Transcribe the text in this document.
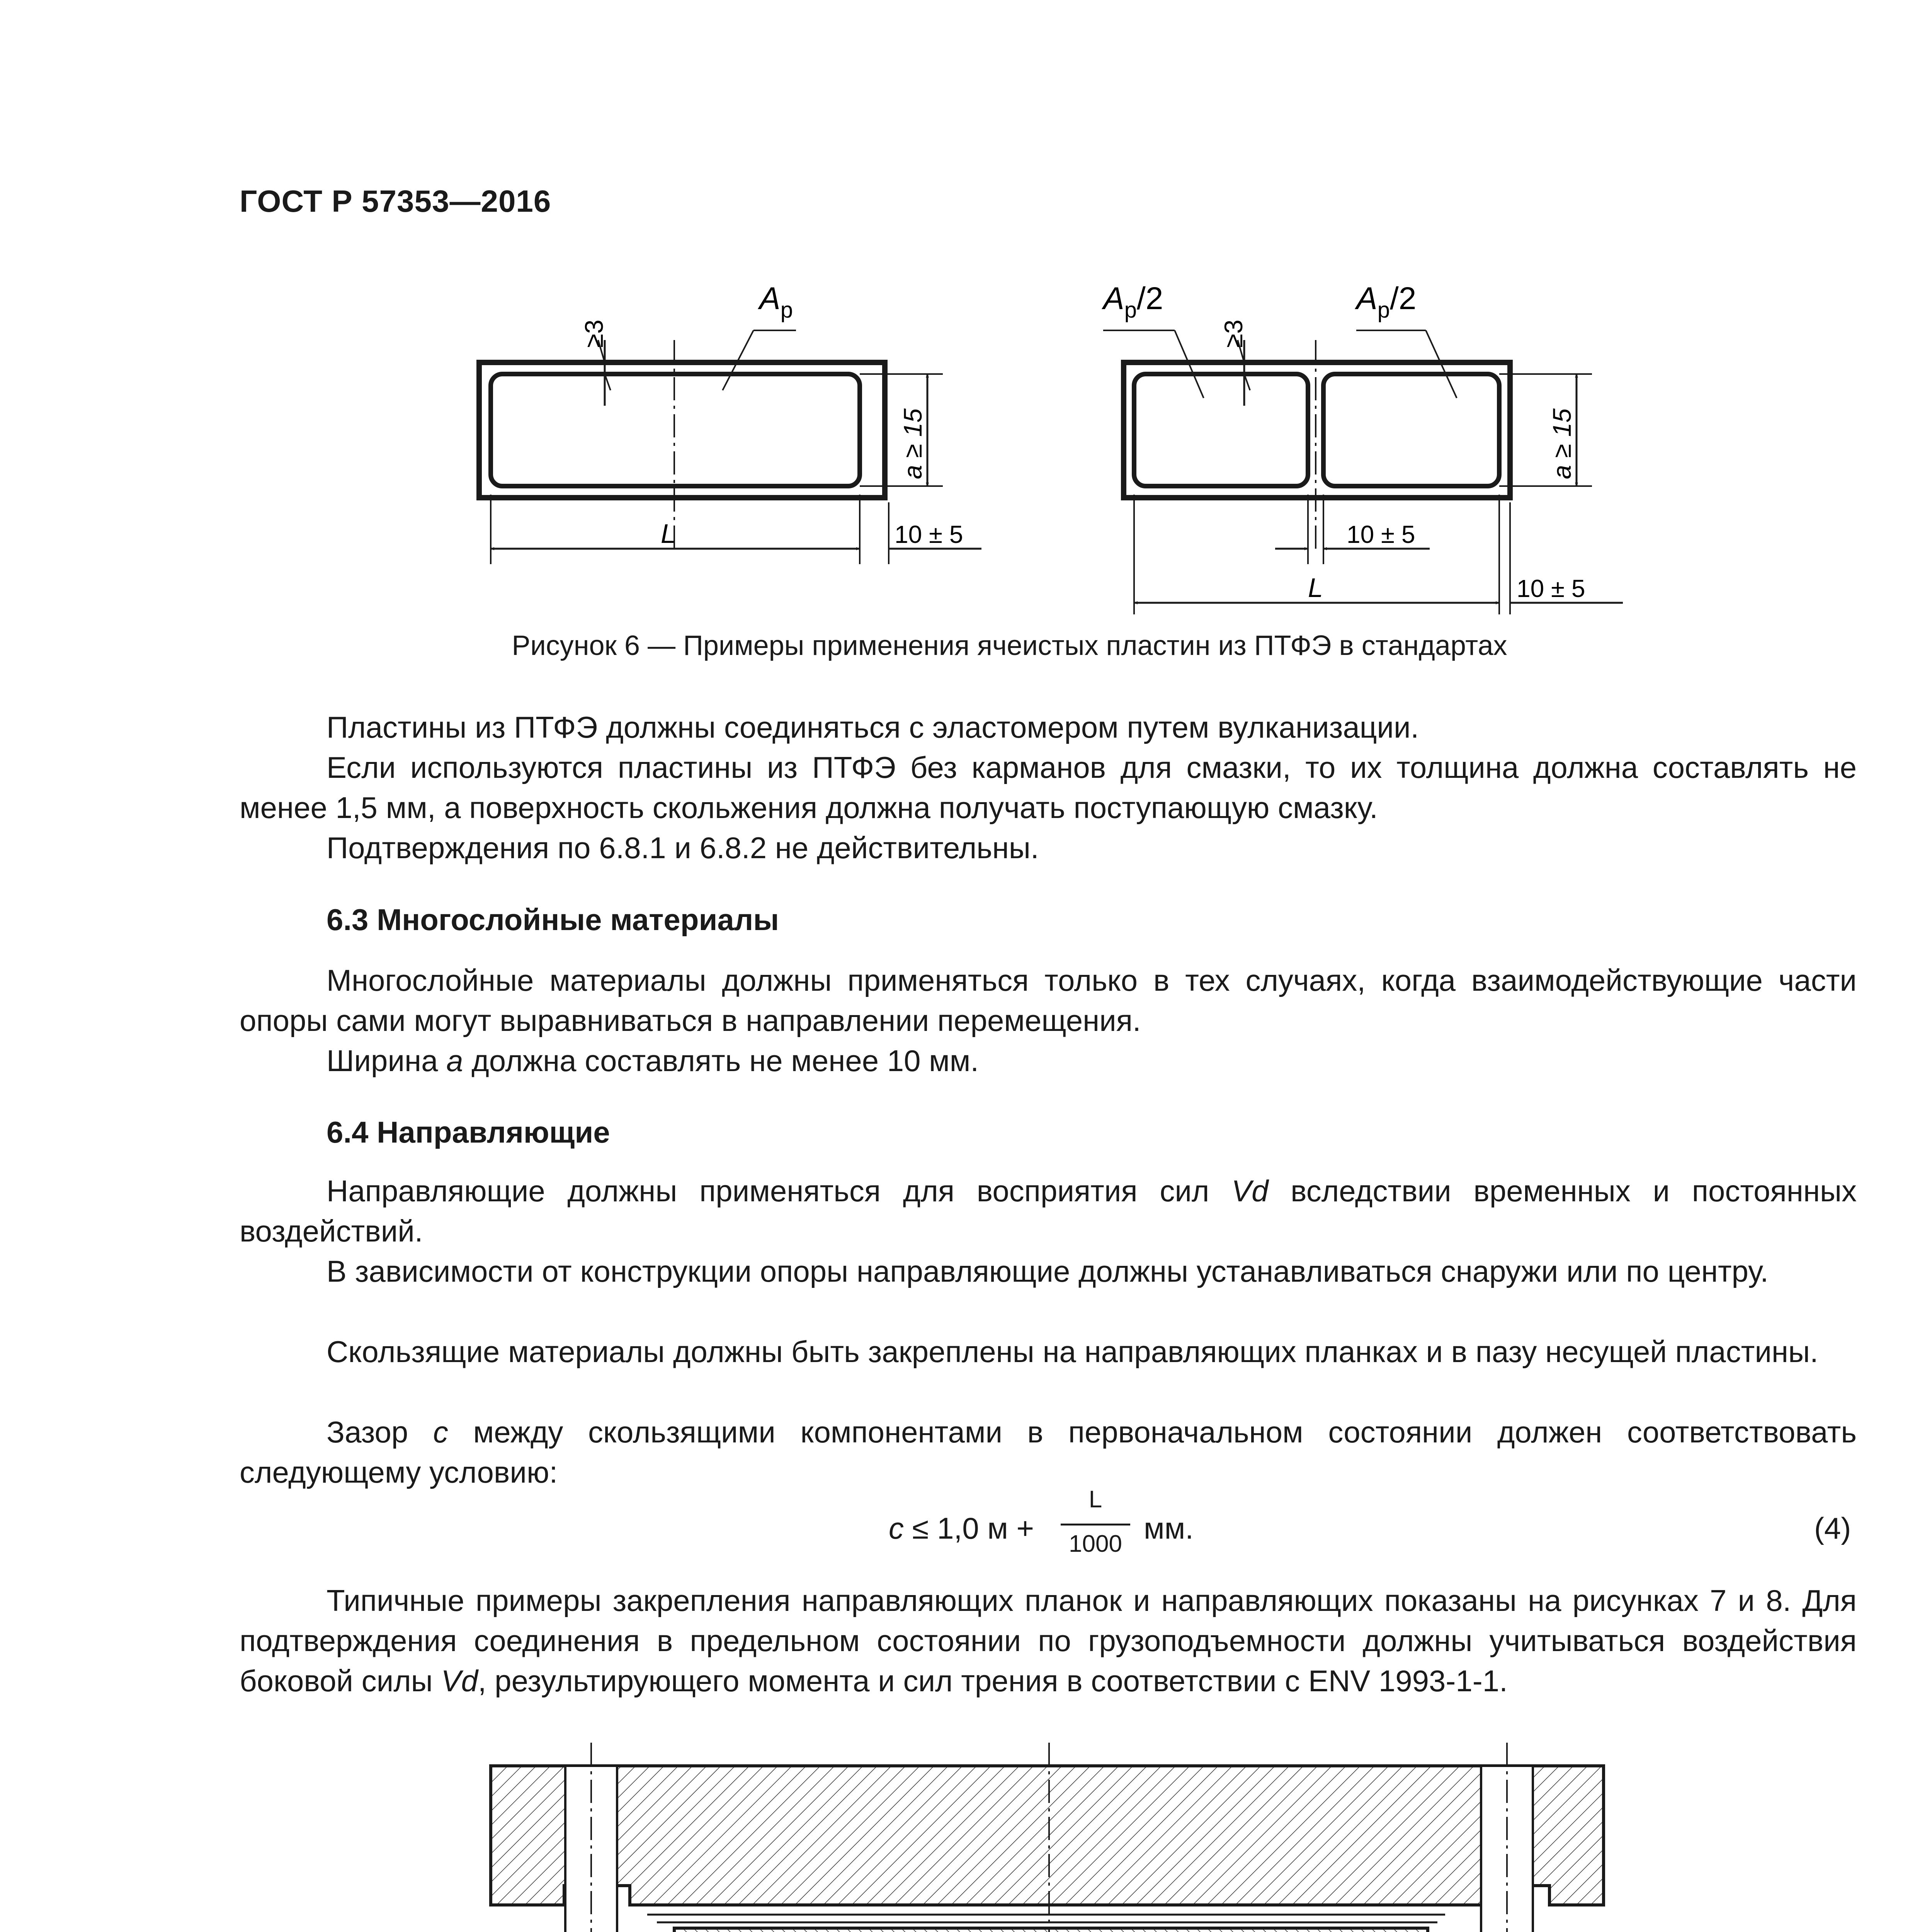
ГОСТ Р 57353—2016
$A_p$
≥3
a ≥ 15
L	10 ± 5
$A_p/2$	$A_p/2$
≥3
a ≥ 15
10 ± 5
L	10 ± 5
Рисунок 6 — Примеры применения ячеистых пластин из ПТФЭ в стандартах
Пластины из ПТФЭ должны соединяться с эластомером путем вулканизации.
Если используются пластины из ПТФЭ без карманов для смазки, то их толщина должна составлять не менее 1,5 мм, а поверхность скольжения должна получать поступающую смазку.
Подтверждения по 6.8.1 и 6.8.2 не действительны.
6.3 Многослойные материалы
Многослойные материалы должны применяться только в тех случаях, когда взаимодействующие части опоры сами могут выравниваться в направлении перемещения.
Ширина a должна составлять не менее 10 мм.
6.4 Направляющие
Направляющие должны применяться для восприятия сил Vd вследствии временных и постоянных воздействий.
В зависимости от конструкции опоры направляющие должны устанавливаться снаружи или по центру.
Скользящие материалы должны быть закреплены на направляющих планках и в пазу несущей пластины.
Зазор c между скользящими компонентами в первоначальном состоянии должен соответствовать следующему условию:
c ≤ 1,0 м +
L
1000 мм.	(4)
Типичные примеры закрепления направляющих планок и направляющих показаны на рисунках 7 и 8. Для подтверждения соединения в предельном состоянии по грузоподъемности должны учитываться воздействия боковой силы Vd, результирующего момента и сил трения в соответствии с ENV 1993-1-1.
